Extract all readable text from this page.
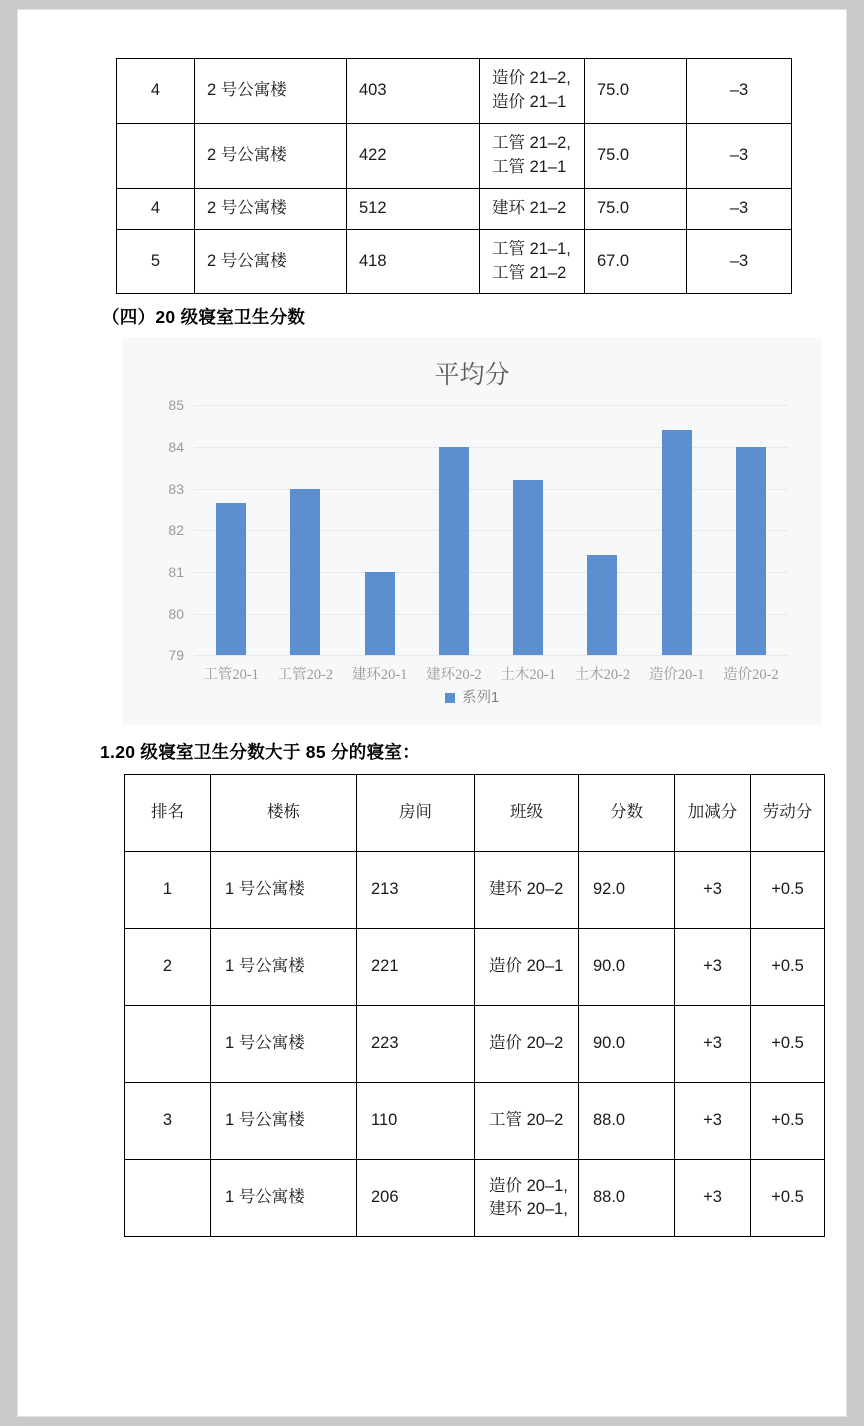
4	2 号公寓楼	403	造价 21–2,造价 21–1	75.0	–3
	2 号公寓楼	422	工管 21–2,工管 21–1	75.0	–3
4	2 号公寓楼	512	建环 21–2	75.0	–3
5	2 号公寓楼	418	工管 21–1,工管 21–2	67.0	–3
（四）20 级寝室卫生分数
平均分
79
80
81
82
83
84
85
工管20-1 工管20-2 建环20-1 建环20-2 土木20-1 土木20-2 造价20-1 造价20-2
系列1
1.20 级寝室卫生分数大于 85 分的寝室：
排名	楼栋	房间	班级	分数	加减分	劳动分
1	1 号公寓楼	213	建环 20–2	92.0	+3	+0.5
2	1 号公寓楼	221	造价 20–1	90.0	+3	+0.5
	1 号公寓楼	223	造价 20–2	90.0	+3	+0.5
3	1 号公寓楼	110	工管 20–2	88.0	+3	+0.5
	1 号公寓楼	206	造价 20–1,建环 20–1,	88.0	+3	+0.5
